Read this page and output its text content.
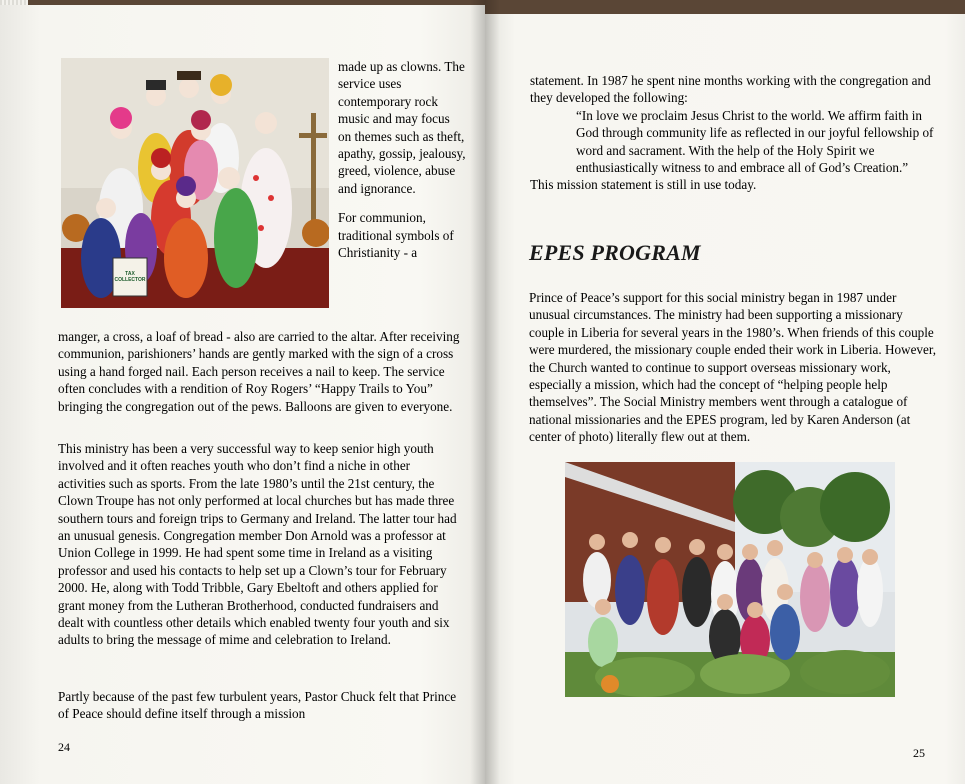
TAX COLLECTOR

made up as clowns. The service uses contemporary rock music and may focus on themes such as theft, apathy, gossip, jealousy, greed, violence, abuse and ignorance.

For communion, traditional symbols of Christianity - a

manger, a cross, a loaf of bread - also are carried to the altar. After receiving communion, parishioners’ hands are gently marked with the sign of a cross using a hand forged nail. Each person receives a nail to keep. The service often concludes with a rendition of Roy Rogers’ “Happy Trails to You” bringing the congregation out of the pews. Balloons are given to everyone.

This ministry has been a very successful way to keep senior high youth involved and it often reaches youth who don’t find a niche in other activities such as sports. From the late 1980’s until the 21st century, the Clown Troupe has not only performed at local churches but has made three southern tours and foreign trips to Germany and Ireland. The latter tour had an unusual genesis. Congregation member Don Arnold was a professor at Union College in 1999. He had spent some time in Ireland as a visiting professor and used his contacts to help set up a Clown’s tour for February 2000. He, along with Todd Tribble, Gary Ebeltoft and others applied for grant money from the Lutheran Brotherhood, conducted fundraisers and dealt with countless other details which enabled twenty four youth and six adults to bring the message of mime and celebration to Ireland.

Partly because of the past few turbulent years, Pastor Chuck felt that Prince of Peace should define itself through a mission

24

statement. In 1987 he spent nine months working with the congregation and they developed the following:

“In love we proclaim Jesus Christ to the world. We affirm faith in God through community life as reflected in our joyful fellowship of word and sacrament. With the help of the Holy Spirit we enthusiastically witness to and embrace all of God’s Creation.”

This mission statement is still in use today.

EPES PROGRAM

Prince of Peace’s support for this social ministry began in 1987 under unusual circumstances. The ministry had been supporting a missionary couple in Liberia for several years in the 1980’s. When friends of this couple were murdered, the missionary couple ended their work in Liberia. However, the Church wanted to continue to support overseas missionary work, especially a mission, which had the concept of “helping people help themselves”. The Social Ministry members went through a catalogue of national missionaries and the EPES program, led by Karen Anderson (at center of photo) literally flew out at them.

25
